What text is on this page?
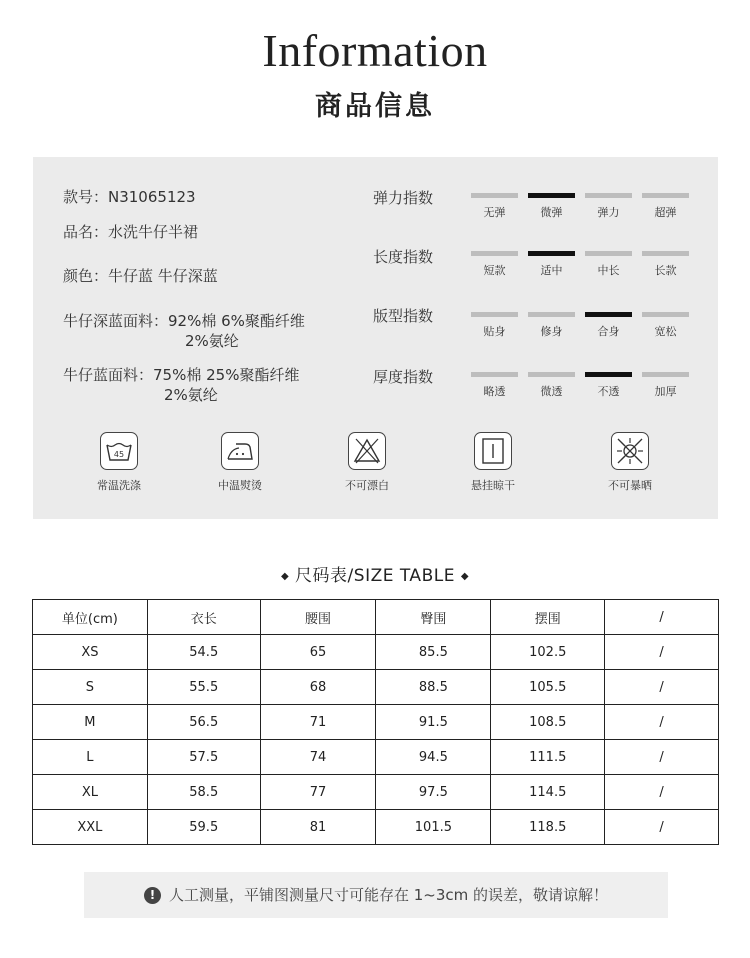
Information
商品信息
款号：N31065123
品名：水洗牛仔半裙
颜色：牛仔蓝 牛仔深蓝
牛仔深蓝面料：92%棉 6%聚酯纤维
2%氨纶
牛仔蓝面料：75%棉 25%聚酯纤维
2%氨纶
弹力指数
无弹	微弹	弹力	超弹
长度指数
短款	适中	中长	长款
版型指数
贴身	修身	合身	宽松
厚度指数
略透	微透	不透	加厚
45
常温洗涤	中温熨烫	不可漂白	悬挂晾干	不可暴晒
◆ 尺码表/SIZE TABLE ◆
单位(cm)	衣长	腰围	臀围	摆围	/
XS	54.5	65	85.5	102.5	/
S	55.5	68	88.5	105.5	/
M	56.5	71	91.5	108.5	/
L	57.5	74	94.5	111.5	/
XL	58.5	77	97.5	114.5	/
XXL	59.5	81	101.5	118.5	/
! 人工测量，平铺图测量尺寸可能存在 1~3cm 的误差，敬请谅解！
